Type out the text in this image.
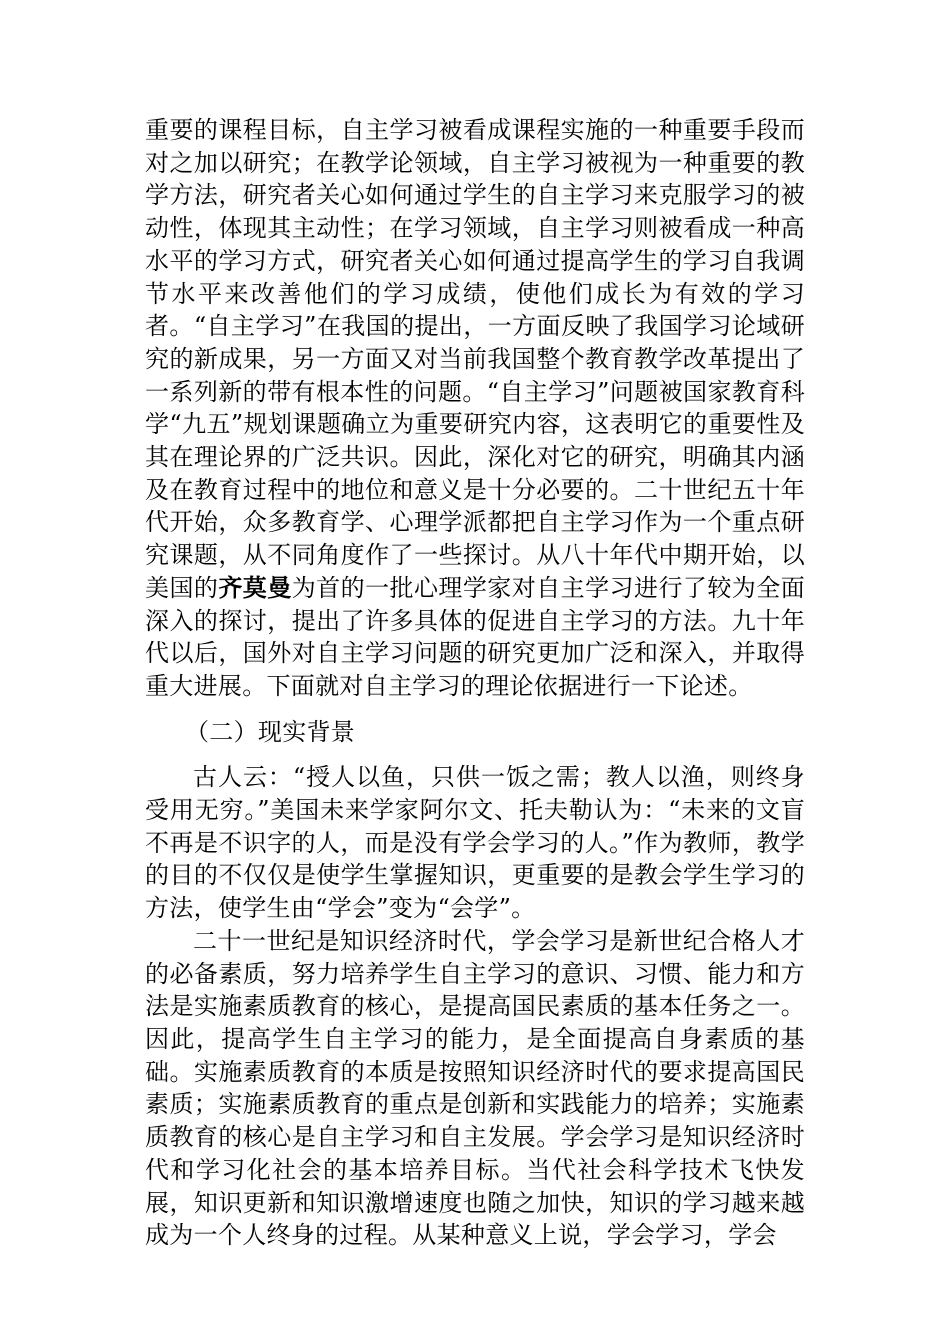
重要的课程目标，自主学习被看成课程实施的一种重要手段而对之加以研究；在教学论领域，自主学习被视为一种重要的教学方法，研究者关心如何通过学生的自主学习来克服学习的被动性，体现其主动性；在学习领域，自主学习则被看成一种高水平的学习方式，研究者关心如何通过提高学生的学习自我调节水平来改善他们的学习成绩，使他们成长为有效的学习者。“自主学习”在我国的提出，一方面反映了我国学习论域研究的新成果，另一方面又对当前我国整个教育教学改革提出了一系列新的带有根本性的问题。“自主学习”问题被国家教育科学“九五”规划课题确立为重要研究内容，这表明它的重要性及其在理论界的广泛共识。因此，深化对它的研究，明确其内涵及在教育过程中的地位和意义是十分必要的。二十世纪五十年代开始，众多教育学、心理学派都把自主学习作为一个重点研究课题，从不同角度作了一些探讨。从八十年代中期开始，以美国的齐莫曼为首的一批心理学家对自主学习进行了较为全面深入的探讨，提出了许多具体的促进自主学习的方法。九十年代以后，国外对自主学习问题的研究更加广泛和深入，并取得重大进展。下面就对自主学习的理论依据进行一下论述。

（二）现实背景

古人云：“授人以鱼，只供一饭之需；教人以渔，则终身受用无穷。”美国未来学家阿尔文、托夫勒认为：“未来的文盲不再是不识字的人，而是没有学会学习的人。”作为教师，教学的目的不仅仅是使学生掌握知识，更重要的是教会学生学习的方法，使学生由“学会”变为“会学”。

二十一世纪是知识经济时代，学会学习是新世纪合格人才的必备素质，努力培养学生自主学习的意识、习惯、能力和方法是实施素质教育的核心，是提高国民素质的基本任务之一。因此，提高学生自主学习的能力，是全面提高自身素质的基础。实施素质教育的本质是按照知识经济时代的要求提高国民素质；实施素质教育的重点是创新和实践能力的培养；实施素质教育的核心是自主学习和自主发展。学会学习是知识经济时代和学习化社会的基本培养目标。当代社会科学技术飞快发展，知识更新和知识激增速度也随之加快，知识的学习越来越成为一个人终身的过程。从某种意义上说，学会学习，学会
